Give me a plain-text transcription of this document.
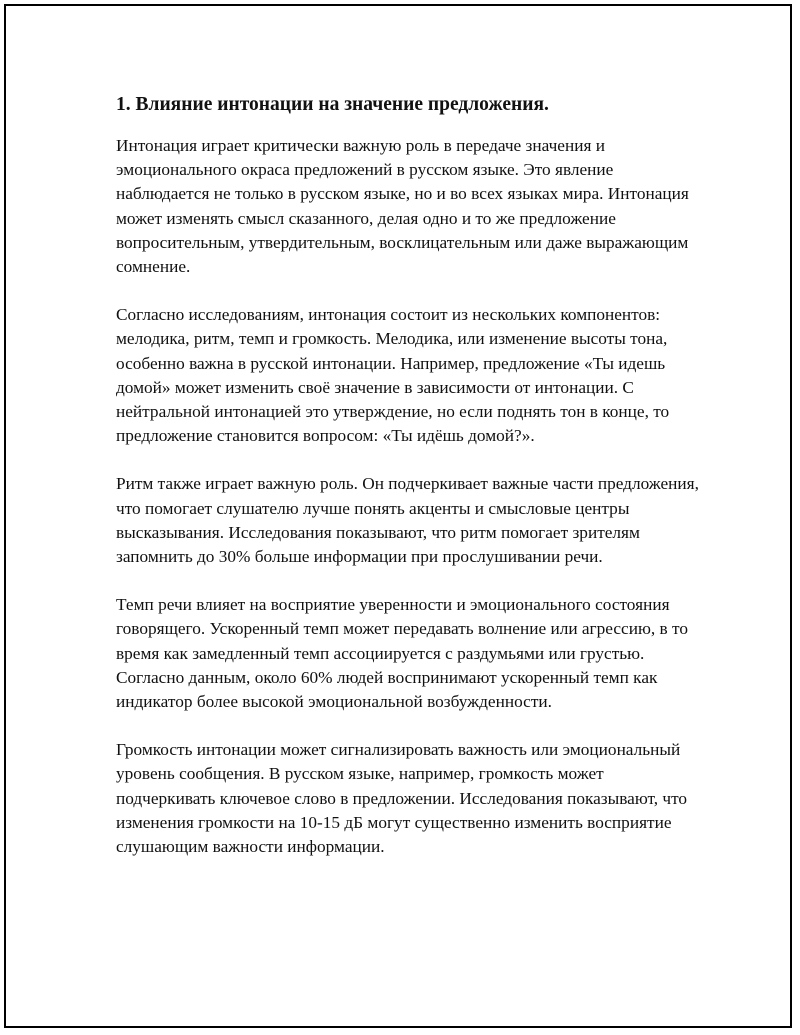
1. Влияние интонации на значение предложения.

Интонация играет критически важную роль в передаче значения и эмоционального окраса предложений в русском языке. Это явление наблюдается не только в русском языке, но и во всех языках мира. Интонация может изменять смысл сказанного, делая одно и то же предложение вопросительным, утвердительным, восклицательным или даже выражающим сомнение.

Согласно исследованиям, интонация состоит из нескольких компонентов: мелодика, ритм, темп и громкость. Мелодика, или изменение высоты тона, особенно важна в русской интонации. Например, предложение «Ты идешь домой» может изменить своё значение в зависимости от интонации. С нейтральной интонацией это утверждение, но если поднять тон в конце, то предложение становится вопросом: «Ты идёшь домой?».

Ритм также играет важную роль. Он подчеркивает важные части предложения, что помогает слушателю лучше понять акценты и смысловые центры высказывания. Исследования показывают, что ритм помогает зрителям запомнить до 30% больше информации при прослушивании речи.

Темп речи влияет на восприятие уверенности и эмоционального состояния говорящего. Ускоренный темп может передавать волнение или агрессию, в то время как замедленный темп ассоциируется с раздумьями или грустью. Согласно данным, около 60% людей воспринимают ускоренный темп как индикатор более высокой эмоциональной возбужденности.

Громкость интонации может сигнализировать важность или эмоциональный уровень сообщения. В русском языке, например, громкость может подчеркивать ключевое слово в предложении. Исследования показывают, что изменения громкости на 10-15 дБ могут существенно изменить восприятие слушающим важности информации.
